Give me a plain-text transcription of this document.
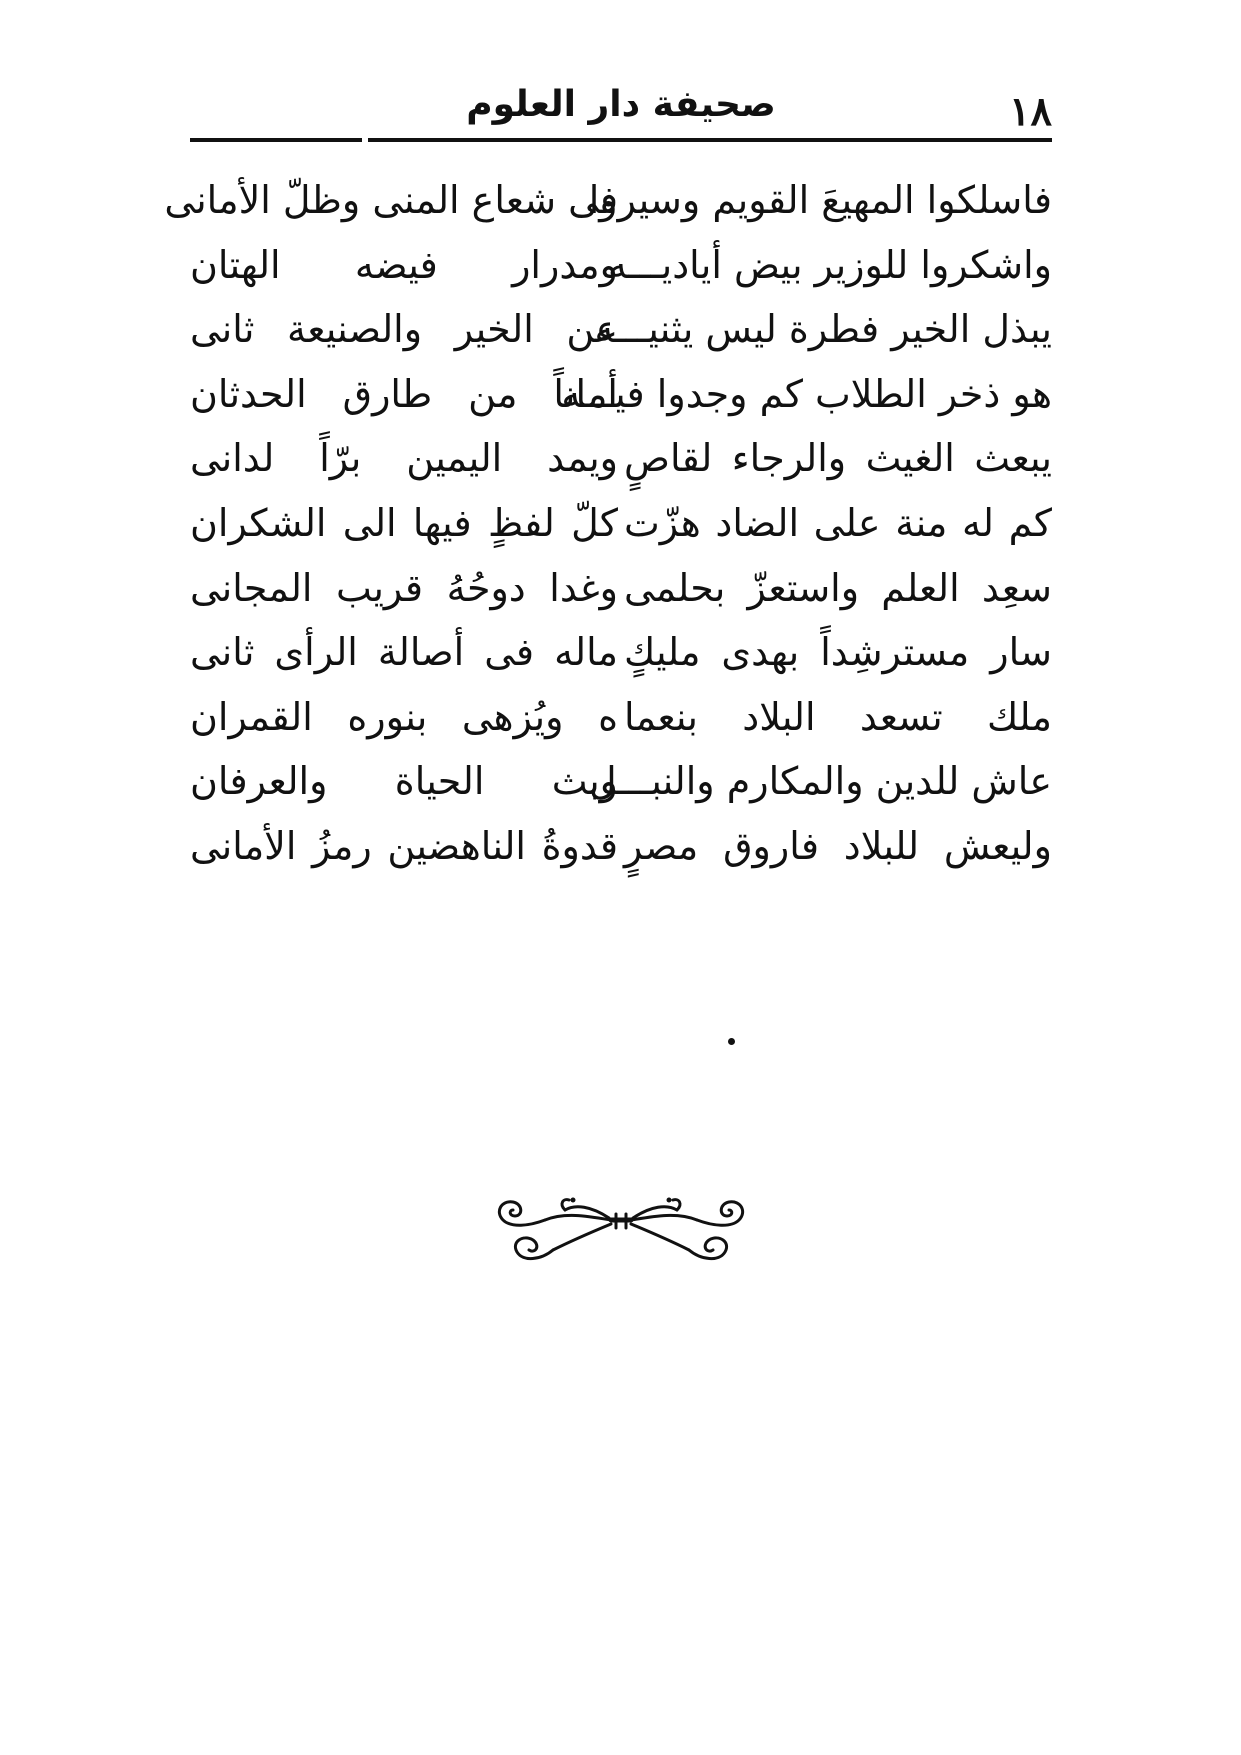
١٨
صحيفة دار العلوم
فاسلكوا المهيعَ القويم وسيروا
فى شعاع المنى وظلّ الأمانى
واشكروا للوزير بيض أياديـــه
ومدرار فيضه الهتان
يبذل الخير فطرة ليس يثنيـــه
عن الخير والصنيعة ثانى
هو ذخر الطلاب كم وجدوا فيـــه
أماناً من طارق الحدثان
يبعث الغيث والرجاء لقاصٍ
ويمد اليمين برّاً لدانى
كم له منة على الضاد هزّت
كلّ لفظٍ فيها الى الشكران
سعِد العلم واستعزّ بحلمى
وغدا دوحُهُ قريب المجانى
سار مسترشِداً بهدى مليكٍ
ماله فى أصالة الرأى ثانى
ملك تسعد البلاد بنعما
ه ويُزهى بنوره القمران
عاش للدين والمكارم والنبـــل
وبث الحياة والعرفان
وليعش للبلاد فاروق مصرٍ
قدوةُ الناهضين رمزُ الأمانى
